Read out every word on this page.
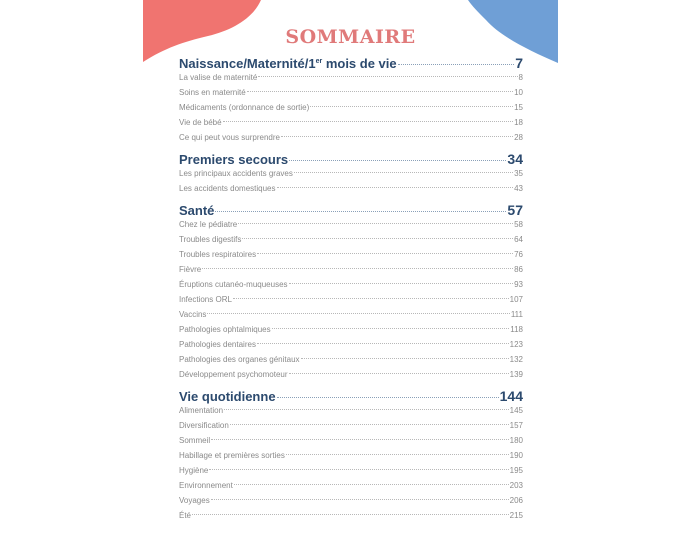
SOMMAIRE
Naissance/Maternité/1er mois de vie	7
La valise de maternité	8
Soins en maternité	10
Médicaments (ordonnance de sortie)	15
Vie de bébé	18
Ce qui peut vous surprendre	28
Premiers secours	34
Les principaux accidents graves	35
Les accidents domestiques	43
Santé	57
Chez le pédiatre	58
Troubles digestifs	64
Troubles respiratoires	76
Fièvre	86
Éruptions cutanéo-muqueuses	93
Infections ORL	107
Vaccins	111
Pathologies ophtalmiques	118
Pathologies dentaires	123
Pathologies des organes génitaux	132
Développement psychomoteur	139
Vie quotidienne	144
Alimentation	145
Diversification	157
Sommeil	180
Habillage et premières sorties	190
Hygiène	195
Environnement	203
Voyages	206
Été	215
